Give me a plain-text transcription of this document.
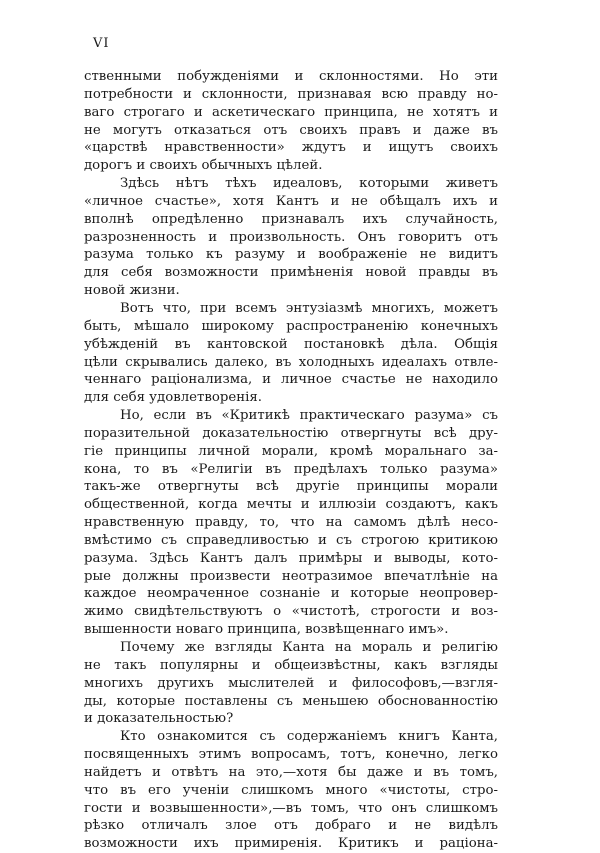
VI
ственными побужденіями и склонностями. Но эти
потребности и склонности, признавая всю правду но-
ваго строгаго и аскетическаго принципа, не хотятъ и
не могутъ отказаться отъ своихъ правъ и даже въ
«царствѣ нравственности» ждутъ и ищутъ своихъ
дорогъ и своихъ обычныхъ цѣлей.
Здѣсь нѣтъ тѣхъ идеаловъ, которыми живетъ
«личное счастье», хотя Кантъ и не обѣщалъ ихъ и
вполнѣ опредѣленно признавалъ ихъ случайность,
разрозненность и произвольность. Онъ говоритъ отъ
разума только къ разуму и воображеніе не видитъ
для себя возможности примѣненія новой правды въ
новой жизни.
Вотъ что, при всемъ энтузіазмѣ многихъ, можетъ
быть, мѣшало широкому распространенію конечныхъ
убѣжденій въ кантовской постановкѣ дѣла. Общія
цѣли скрывались далеко, въ холодныхъ идеалахъ отвле-
ченнаго раціонализма, и личное счастье не находило
для себя удовлетворенія.
Но, если въ «Критикѣ практическаго разума» съ
поразительной доказательностію отвергнуты всѣ дру-
гіе принципы личной морали, кромѣ моральнаго за-
кона, то въ «Религіи въ предѣлахъ только разума»
такъ-же отвергнуты всѣ другіе принципы морали
общественной, когда мечты и иллюзіи создаютъ, какъ
нравственную правду, то, что на самомъ дѣлѣ несо-
вмѣстимо съ справедливостью и съ строгою критикою
разума. Здѣсь Кантъ далъ примѣры и выводы, кото-
рые должны произвести неотразимое впечатлѣніе на
каждое неомраченное сознаніе и которые неопровер-
жимо свидѣтельствуютъ о «чистотѣ, строгости и воз-
вышенности новаго принципа, возвѣщеннаго имъ».
Почему же взгляды Канта на мораль и религію
не такъ популярны и общеизвѣстны, какъ взгляды
многихъ другихъ мыслителей и философовъ,—взгля-
ды, которые поставлены съ меньшею обоснованностію
и доказательностью?
Кто ознакомится съ содержаніемъ книгъ Канта,
посвященныхъ этимъ вопросамъ, тотъ, конечно, легко
найдетъ и отвѣтъ на это,—хотя бы даже и въ томъ,
что въ его ученіи слишкомъ много «чистоты, стро-
гости и возвышенности»,—въ томъ, что онъ слишкомъ
рѣзко отличалъ злое отъ добраго и не видѣлъ
возможности ихъ примиренія. Критикъ и раціона-
